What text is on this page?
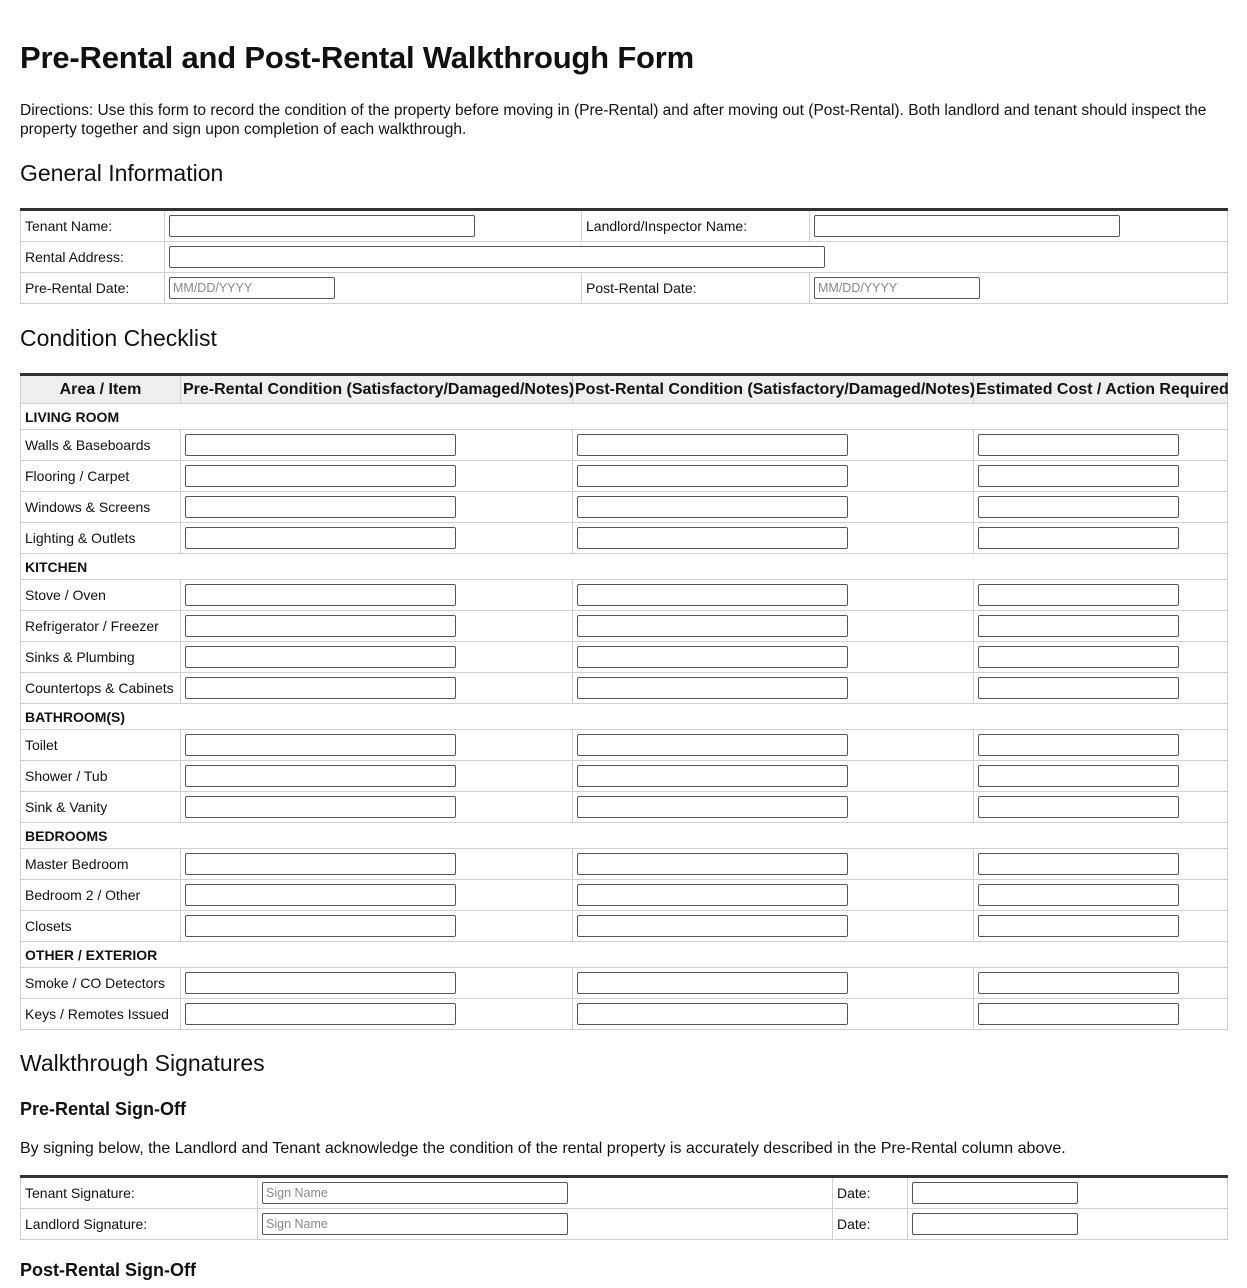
Pre-Rental and Post-Rental Walkthrough Form

Directions: Use this form to record the condition of the property before moving in (Pre-Rental) and after moving out (Post-Rental). Both landlord and tenant should inspect the property together and sign upon completion of each walkthrough.

General Information
Tenant Name:		Landlord/Inspector Name:	
Rental Address:			
Pre-Rental Date:	MM/DD/YYYY	Post-Rental Date:	MM/DD/YYYY
Condition Checklist
Area / Item	Pre-Rental Condition (Satisfactory/Damaged/Notes)	Post-Rental Condition (Satisfactory/Damaged/Notes)	Estimated Cost / Action Required
LIVING ROOM			
Walls & Baseboards			
Flooring / Carpet			
Windows & Screens			
Lighting & Outlets			
KITCHEN			
Stove / Oven			
Refrigerator / Freezer			
Sinks & Plumbing			
Countertops & Cabinets			
BATHROOM(S)			
Toilet			
Shower / Tub			
Sink & Vanity			
BEDROOMS			
Master Bedroom			
Bedroom 2 / Other			
Closets			
OTHER / EXTERIOR			
Smoke / CO Detectors			
Keys / Remotes Issued			
Walkthrough Signatures
Pre-Rental Sign-Off

By signing below, the Landlord and Tenant acknowledge the condition of the rental property is accurately described in the Pre-Rental column above.

Tenant Signature:	Sign Name	Date:	
Landlord Signature:	Sign Name	Date:	
Post-Rental Sign-Off
